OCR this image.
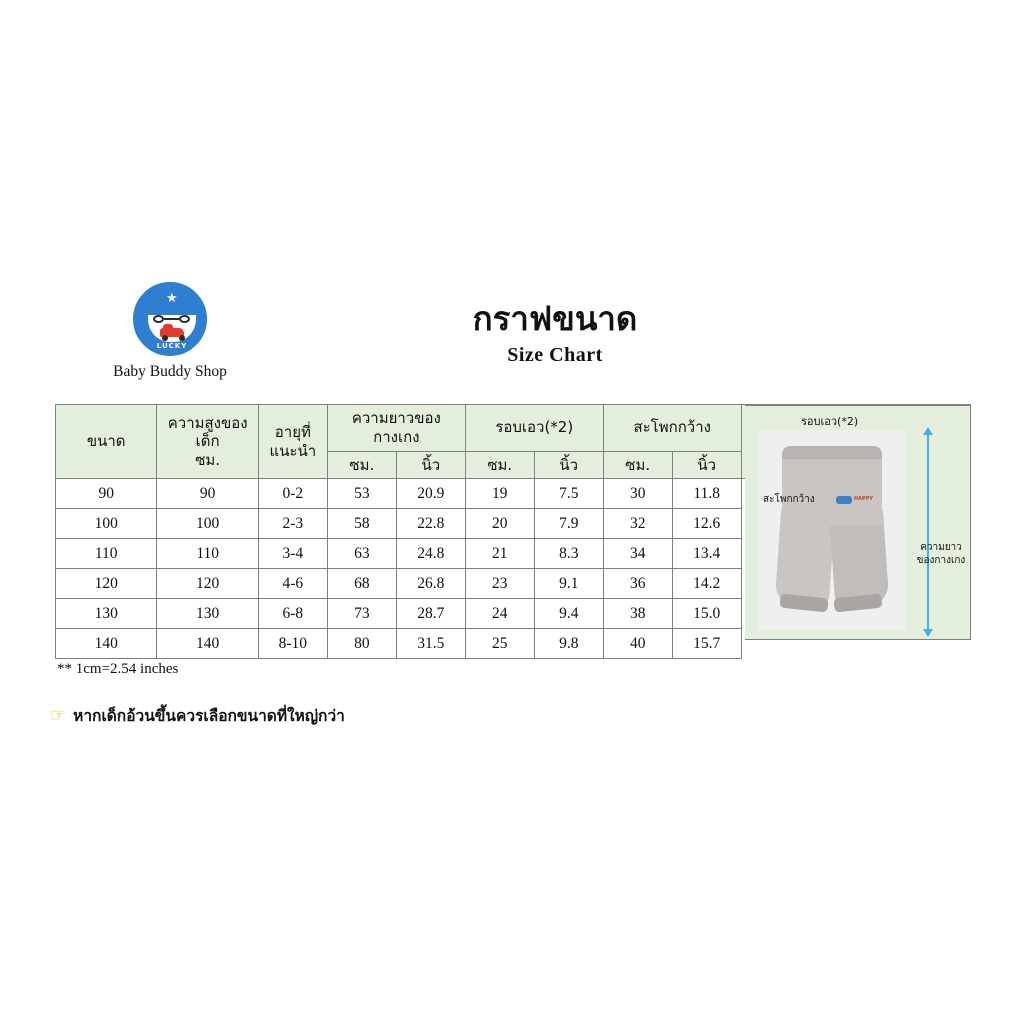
★
LUCKY
Baby Buddy Shop
กราฟขนาด
Size Chart
ขนาด	
ความสูงของเด็ก
ซม.

อายุที่
แนะนำ
	ความยาวของกางเกง	รอบเอว(*2)	สะโพกกว้าง	
			ซม.	นิ้ว	ซม.	นิ้ว	ซม.	นิ้ว	
90	90	0-2	53	20.9	19	7.5	30	11.8	
100	100	2-3	58	22.8	20	7.9	32	12.6	
110	110	3-4	63	24.8	21	8.3	34	13.4	
120	120	4-6	68	26.8	23	9.1	36	14.2	
130	130	6-8	73	28.7	24	9.4	38	15.0	
140	140	8-10	80	31.5	25	9.8	40	15.7	
รอบเอว(*2)
HAPPY
สะโพกกว้าง
ความยาว
ของกางเกง
** 1cm=2.54 inches
☞ หากเด็กอ้วนขึ้นควรเลือกขนาดที่ใหญ่กว่า
